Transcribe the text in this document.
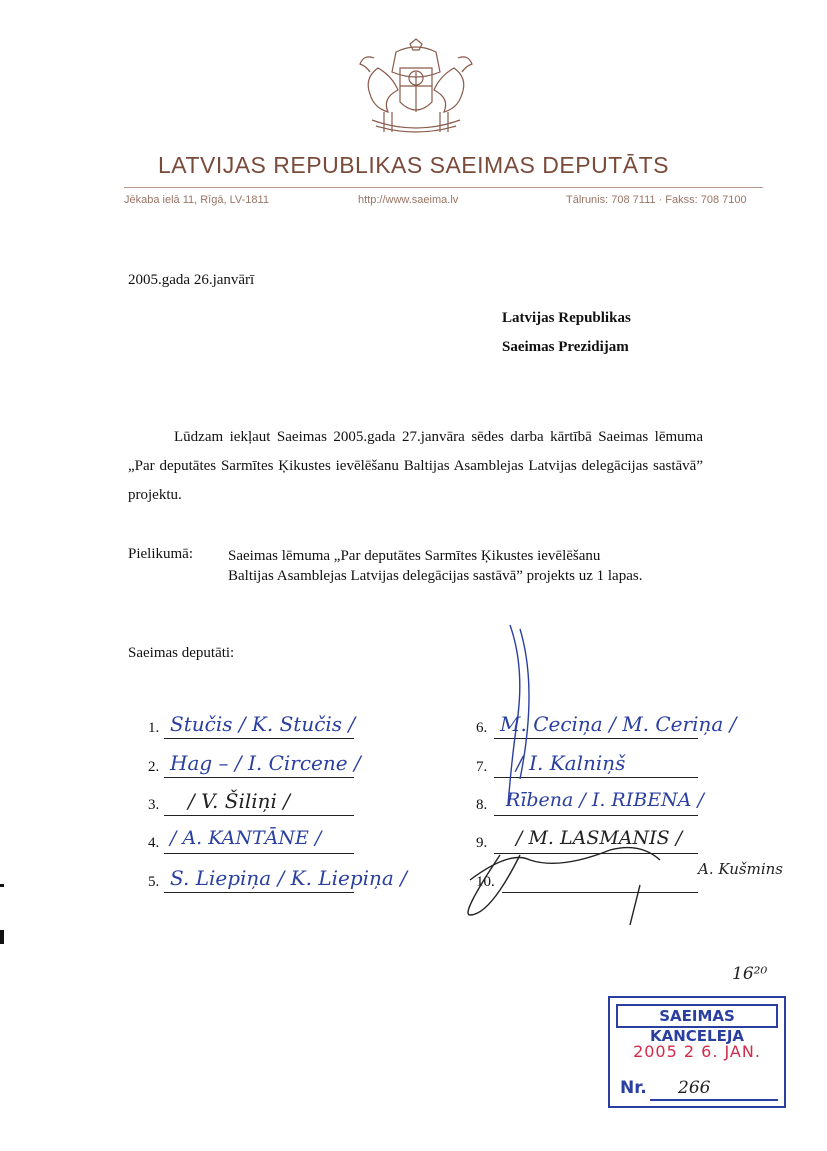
LATVIJAS REPUBLIKAS SAEIMAS DEPUTĀTS
Jēkaba ielā 11, Rīgā, LV-1811	http://www.saeima.lv	Tālrunis: 708 7111 · Fakss: 708 7100
2005.gada 26.janvārī
Latvijas Republikas
Saeimas Prezidijam
Lūdzam iekļaut Saeimas 2005.gada 27.janvāra sēdes darba kārtībā Saeimas lēmuma „Par deputātes Sarmītes Ķikustes ievēlēšanu Baltijas Asamblejas Latvijas delegācijas sastāvā” projektu.
Pielikumā: Saeimas lēmuma „Par deputātes Sarmītes Ķikustes ievēlēšanu
Baltijas Asamblejas Latvijas delegācijas sastāvā” projekts uz 1 lapas.
Saeimas deputāti:
1. Stučis / K. Stučis /
2. Hag – / I. Circene /
3. / V. Šiliņi /
4. / A. KANTĀNE /
5. S. Liepiņa / K. Liepiņa /
6. M. Ceciņa / M. Ceriņa /
7. / I. Kalniņš
8. Rībena / I. RIBENA /
9. / M. LASMANIS /
10.
A. Kušmins
16²⁰
SAEIMAS KANCELEJA
2005 2 6. JAN.
Nr. 266
